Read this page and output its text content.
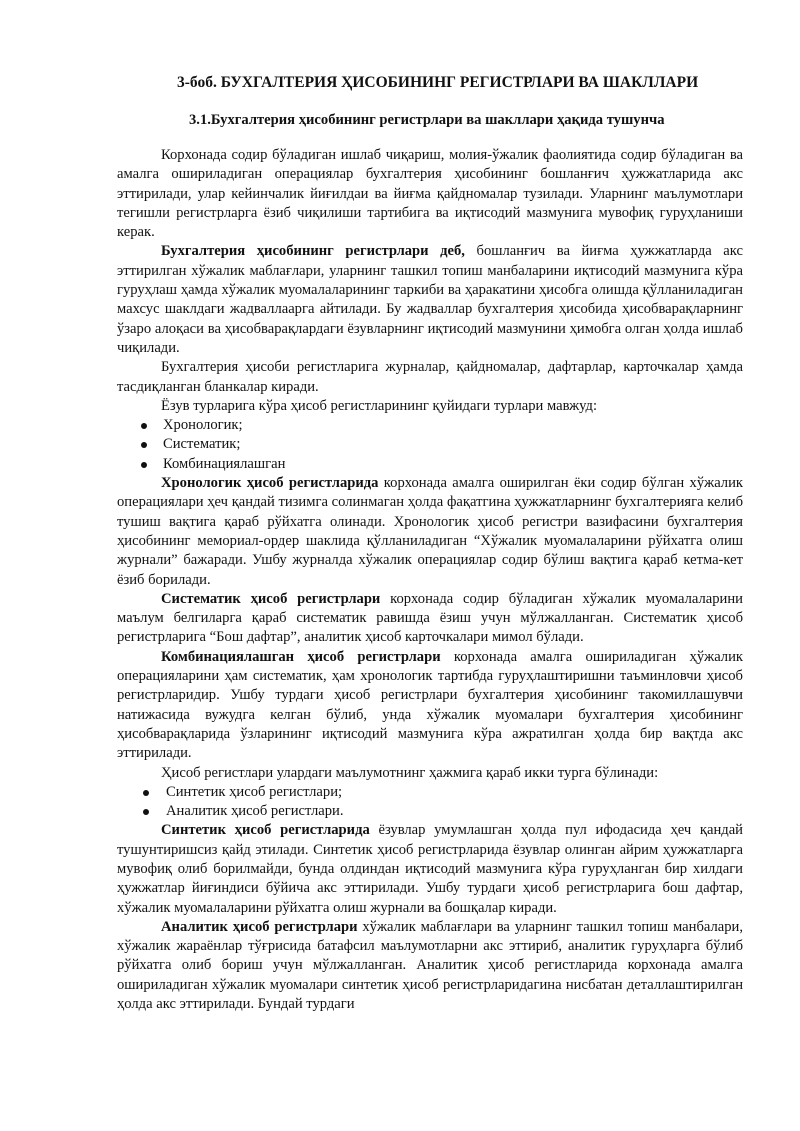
3-боб. БУХГАЛТЕРИЯ ҲИСОБИНИНГ РЕГИСТРЛАРИ ВА ШАКЛЛАРИ
3.1.Бухгалтерия ҳисобининг регистрлари ва шакллари ҳақида тушунча

Корхонада содир бўладиган ишлаб чиқариш, молия-ўжалик фаолиятида содир бўладиган ва амалга ошириладиган операциялар бухгалтерия ҳисобининг бошланғич ҳужжатларида акс эттирилади, улар кейинчалик йиғилдаи ва йиғма қайдномалар тузилади. Уларнинг маълумотлари тегишли регистрларга ёзиб чиқилиши тартибига ва иқтисодий мазмунига мувофиқ гуруҳланиши керак.

Бухгалтерия ҳисобининг регистрлари деб, бошланғич ва йиғма ҳужжатларда акс эттирилган хўжалик маблағлари, уларнинг ташкил топиш манбаларини иқтисодий мазмунига кўра гуруҳлаш ҳамда хўжалик муомалаларининг таркиби ва ҳаракатини ҳисобга олишда қўлланиладиган махсус шаклдаги жадваллаарга айтилади. Бу жадваллар бухгалтерия ҳисобида ҳисобварақларнинг ўзаро алоқаси ва ҳисобварақлардаги ёзувларнинг иқтисодий мазмунини ҳимобга олган ҳолда ишлаб чиқилади.

Бухгалтерия ҳисоби регистларига журналар, қайдномалар, дафтарлар, карточкалар ҳамда тасдиқланган бланкалар киради.

Ёзув турларига кўра ҳисоб регистларининг қуйидаги турлари мавжуд:

Хронологик;
Систематик;
Комбинациялашган

Хронологик ҳисоб регистларида корхонада амалга оширилган ёки содир бўлган хўжалик операциялари ҳеч қандай тизимга солинмаган ҳолда фақатгина ҳужжатларнинг бухгалтерияга келиб тушиш вақтига қараб рўйхатга олинади. Хронологик ҳисоб регистри вазифасини бухгалтерия ҳисобининг мемориал-ордер шаклида қўлланиладиган “Хўжалик муомалаларини рўйхатга олиш журнали” бажаради. Ушбу журналда хўжалик операциялар содир бўлиш вақтига қараб кетма-кет ёзиб борилади.

Систематик ҳисоб регистрлари корхонада содир бўладиган хўжалик муомалаларини маълум белгиларга қараб систематик равишда ёзиш учун мўлжалланган. Систематик ҳисоб регистрларига “Бош дафтар”, аналитик ҳисоб карточкалари мимол бўлади.

Комбинациялашган ҳисоб регистрлари корхонада амалга ошириладиган ҳўжалик операцияларини ҳам систематик, ҳам хронологик тартибда гуруҳлаштиришни таъминловчи ҳисоб регистрларидир. Ушбу турдаги ҳисоб регистрлари бухгалтерия ҳисобининг такомиллашувчи натижасида вужудга келган бўлиб, унда хўжалик муомалари бухгалтерия ҳисобининг ҳисобварақларида ўзларининг иқтисодий мазмунига кўра ажратилган ҳолда бир вақтда акс эттирилади.

Ҳисоб регистлари улардаги маълумотнинг ҳажмига қараб икки турга бўлинади:

Синтетик ҳисоб регистлари;
Аналитик ҳисоб регистлари.

Синтетик ҳисоб регистларида ёзувлар умумлашган ҳолда пул ифодасида ҳеч қандай тушунтиришсиз қайд этилади. Синтетик ҳисоб регистрларида ёзувлар олинган айрим ҳужжатларга мувофиқ олиб борилмайди, бунда олдиндан иқтисодий мазмунига кўра гуруҳланган бир хилдаги ҳужжатлар йиғиндиси бўйича акс эттирилади. Ушбу турдаги ҳисоб регистрларига бош дафтар, хўжалик муомалаларини рўйхатга олиш журнали ва бошқалар киради.

Аналитик ҳисоб регистрлари хўжалик маблағлари ва уларнинг ташкил топиш манбалари, хўжалик жараёнлар тўғрисида батафсил маълумотларни акс эттириб, аналитик гуруҳларга бўлиб рўйхатга олиб бориш учун мўлжалланган. Аналитик ҳисоб регистларида корхонада амалга ошириладиган хўжалик муомалари синтетик ҳисоб регистрларидагина нисбатан деталлаштирилган ҳолда акс эттирилади. Бундай турдаги
